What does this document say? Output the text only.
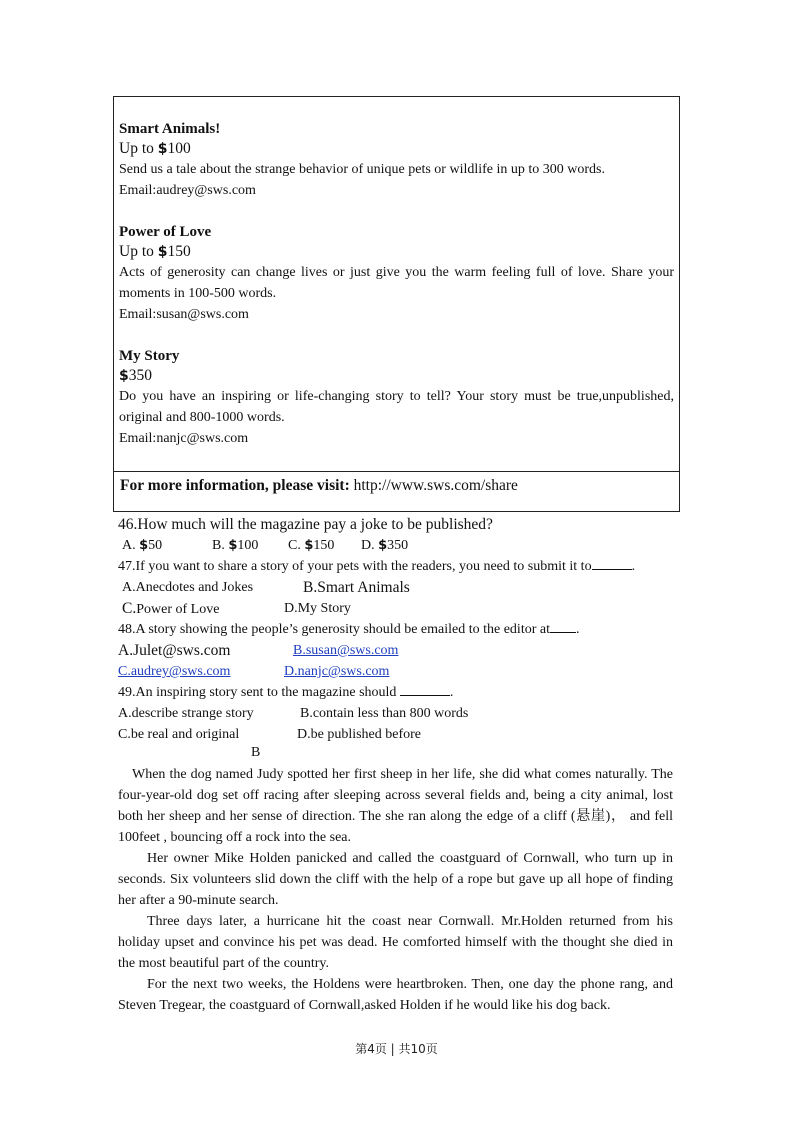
Smart Animals!
Up to $100
Send us a tale about the strange behavior of unique pets or wildlife in up to 300 words.
Email:audrey@sws.com
Power of Love
Up to $150
Acts of generosity can change lives or just give you the warm feeling full of love. Share your moments in 100-500 words.
Email:susan@sws.com
My Story
$350
Do you have an inspiring or life-changing story to tell? Your story must be true,unpublished, original and 800-1000 words.
Email:nanjc@sws.com
For more information, please visit: http://www.sws.com/share
46.How much will the magazine pay a joke to be published?
A. $50	B. $100 C. $150 D. $350
47.If you want to share a story of your pets with the readers, you need to submit it to	.
A.Anecdotes and Jokes	B.Smart Animals
C.Power of Love	D.My Story
48.A story showing the people’s generosity should be emailed to the editor at .
A.Julet@sws.com	B.susan@sws.com
C.audrey@sws.com	D.nanjc@sws.com
49.An inspiring story sent to the magazine should	.
A.describe strange story	B.contain less than 800 words
C.be real and original	D.be published before
B

When the dog named Judy spotted her first sheep in her life, she did what comes naturally. The four-year-old dog set off racing after sleeping across several fields and, being a city animal, lost both her sheep and her sense of direction. The she ran along the edge of a cliff (悬崖)， and fell 100feet , bouncing off a rock into the sea.

Her owner Mike Holden panicked and called the coastguard of Cornwall, who turn up in seconds. Six volunteers slid down the cliff with the help of a rope but gave up all hope of finding her after a 90-minute search.

Three days later, a hurricane hit the coast near Cornwall. Mr.Holden returned from his holiday upset and convince his pet was dead. He comforted himself with the thought she died in the most beautiful part of the country.

For the next two weeks, the Holdens were heartbroken. Then, one day the phone rang, and Steven Tregear, the coastguard of Cornwall,asked Holden if he would like his dog back.

第4页 | 共10页
